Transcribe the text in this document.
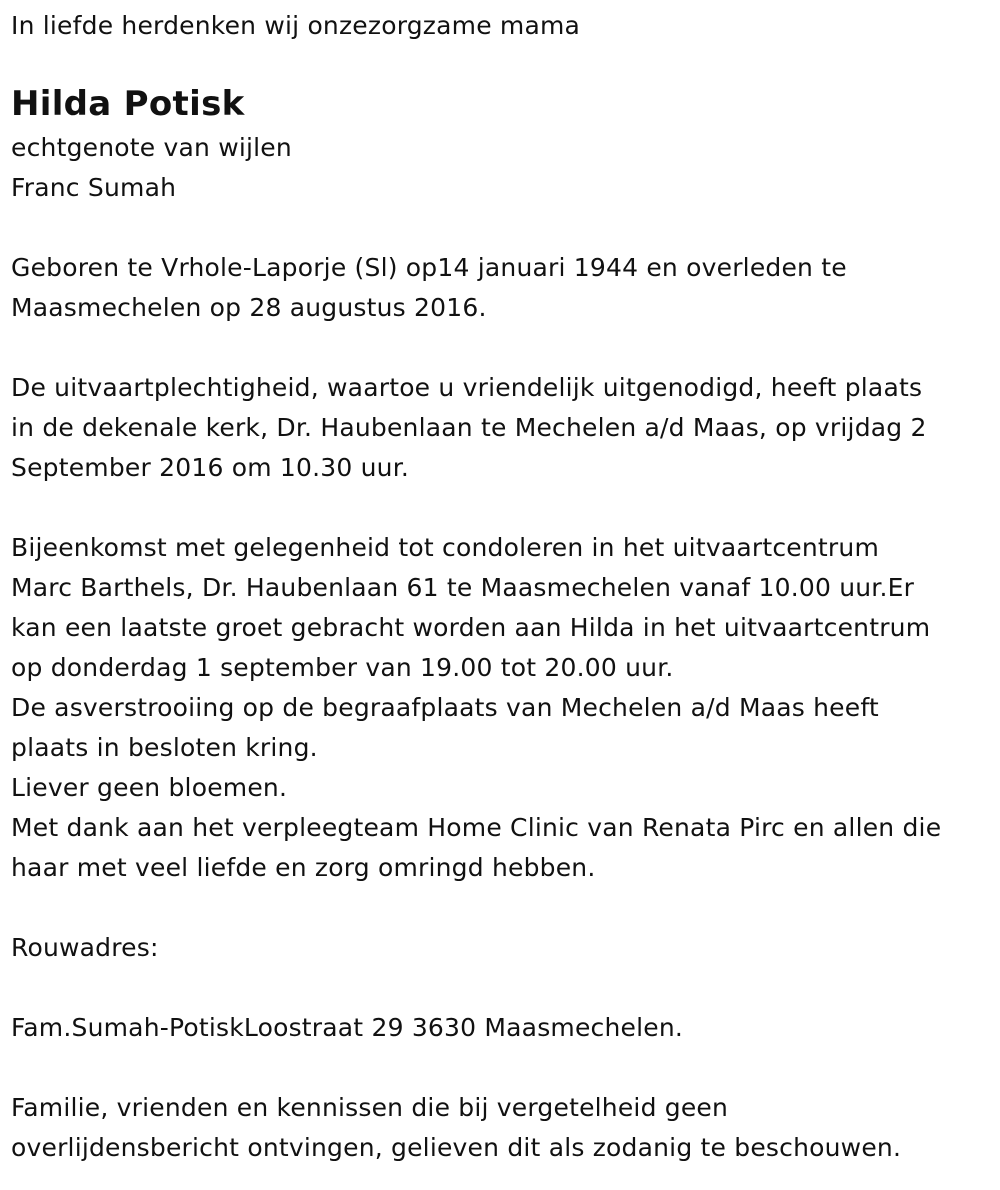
In liefde herdenken wij onzezorgzame mama
Hilda Potisk
echtgenote van wijlen
Franc Sumah
Geboren te Vrhole-Laporje (Sl) op14 januari 1944 en overleden te
Maasmechelen op 28 augustus 2016.
De uitvaartplechtigheid, waartoe u vriendelijk uitgenodigd, heeft plaats
in de dekenale kerk, Dr. Haubenlaan te Mechelen a/d Maas, op vrijdag 2
September 2016 om 10.30 uur.
Bijeenkomst met gelegenheid tot condoleren in het uitvaartcentrum
Marc Barthels, Dr. Haubenlaan 61 te Maasmechelen vanaf 10.00 uur.Er
kan een laatste groet gebracht worden aan Hilda in het uitvaartcentrum
op donderdag 1 september van 19.00 tot 20.00 uur.
De asverstrooiing op de begraafplaats van Mechelen a/d Maas heeft
plaats in besloten kring.
Liever geen bloemen.
Met dank aan het verpleegteam Home Clinic van Renata Pirc en allen die
haar met veel liefde en zorg omringd hebben.
Rouwadres:
Fam.Sumah-PotiskLoostraat 29 3630 Maasmechelen.
Familie, vrienden en kennissen die bij vergetelheid geen
overlijdensbericht ontvingen, gelieven dit als zodanig te beschouwen.
